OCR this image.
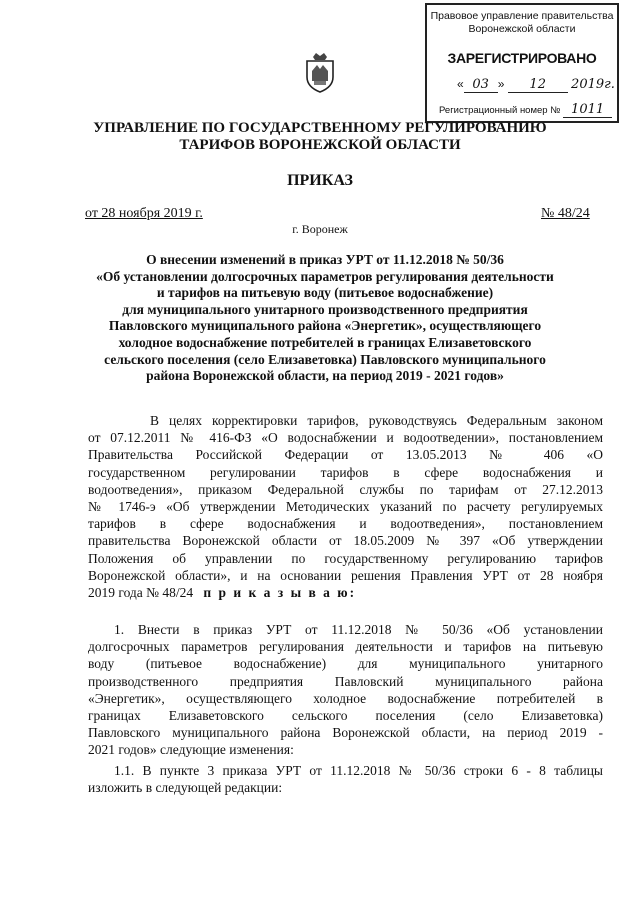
Правовое управление правительства
Воронежской области
ЗАРЕГИСТРИРОВАНО
« 03 » 12 2019г.
Регистрационный номер № 1011
УПРАВЛЕНИЕ ПО ГОСУДАРСТВЕННОМУ РЕГУЛИРОВАНИЮ
ТАРИФОВ ВОРОНЕЖСКОЙ ОБЛАСТИ
ПРИКАЗ
от 28 ноября 2019 г.	№ 48/24
г. Воронеж
О внесении изменений в приказ УРТ от 11.12.2018 № 50/36
«Об установлении долгосрочных параметров регулирования деятельности
и тарифов на питьевую воду (питьевое водоснабжение)
для муниципального унитарного производственного предприятия
Павловского муниципального района «Энергетик», осуществляющего
холодное водоснабжение потребителей в границах Елизаветовского
сельского поселения (село Елизаветовка) Павловского муниципального
района Воронежской области, на период 2019 - 2021 годов»
В целях корректировки тарифов, руководствуясь Федеральным законом
от 07.12.2011 № 416-ФЗ «О водоснабжении и водоотведении», постановлением
Правительства Российской Федерации от 13.05.2013 № 406 «О
государственном регулировании тарифов в сфере водоснабжения и
водоотведения», приказом Федеральной службы по тарифам от 27.12.2013
№ 1746-э «Об утверждении Методических указаний по расчету регулируемых
тарифов в сфере водоснабжения и водоотведения», постановлением
правительства Воронежской области от 18.05.2009 № 397 «Об утверждении
Положения об управлении по государственному регулированию тарифов
Воронежской области», и на основании решения Правления УРТ от 28 ноября
2019 года № 48/24 п р и к а з ы в а ю:
1. Внести в приказ УРТ от 11.12.2018 № 50/36 «Об установлении
долгосрочных параметров регулирования деятельности и тарифов на питьевую
воду (питьевое водоснабжение) для муниципального унитарного
производственного предприятия Павловский муниципального района
«Энергетик», осуществляющего холодное водоснабжение потребителей в
границах Елизаветовского сельского поселения (село Елизаветовка)
Павловского муниципального района Воронежской области, на период 2019 -
2021 годов» следующие изменения:
1.1. В пункте 3 приказа УРТ от 11.12.2018 № 50/36 строки 6 - 8 таблицы
изложить в следующей редакции:
